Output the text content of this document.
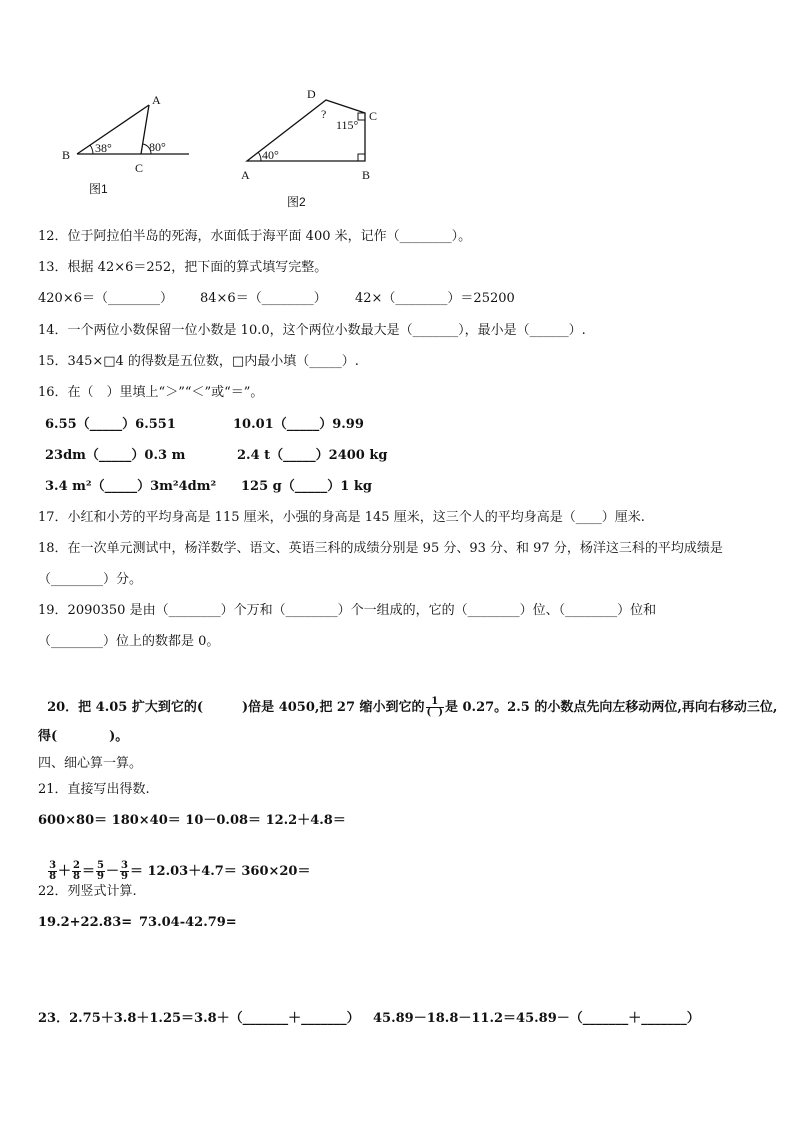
A
B
C
38°	80°
图1
D
C
B
A
40°
115°
?
图2
12．位于阿拉伯半岛的死海，水面低于海平面 400 米，记作（________）。
13．根据 42×6＝252，把下面的算式填写完整。
420×6＝（________） 84×6＝（________） 42×（________）＝25200
14．一个两位小数保留一位小数是 10.0，这个两位小数最大是（_______），最小是（______）.
15．345×□4 的得数是五位数，□内最小填（_____）.
16．在（　）里填上“＞”“＜”或“＝”。
6.55（_____）6.551	10.01（_____）9.99
23dm（_____）0.3 m	2.4 t（_____）2400 kg
3.4 m²（_____）3m²4dm² 125 g（_____）1 kg
17．小红和小芳的平均身高是 115 厘米，小强的身高是 145 厘米，这三个人的平均身高是（____）厘米.
18．在一次单元测试中，杨洋数学、语文、英语三科的成绩分别是 95 分、93 分、和 97 分，杨洋这三科的平均成绩是
（________）分。
19．2090350 是由（________）个万和（________）个一组成的，它的（________）位、（________）位和
（________）位上的数都是 0。

20．把 4.05 扩大到它的(　　　)倍是 4050,把 27 缩小到它的 $\frac{1}{( )}$ 是 0.27。2.5 的小数点先向左移动两位,再向右移动三位,

得(　　　　)。
四、细心算一算。
21．直接写出得数.
600×80＝ 180×40＝ 10－0.08＝ 12.2＋4.8＝

$\frac{3}{8} + \frac{2}{8} = \frac{5}{9} - \frac{3}{9} = 12.03+4.7= 360\times 20=$

22．列竖式计算.
19.2+22.83= 73.04-42.79=
23．2.75＋3.8＋1.25＝3.8＋（_______＋_______） 45.89－18.8－11.2＝45.89－（_______＋_______）
